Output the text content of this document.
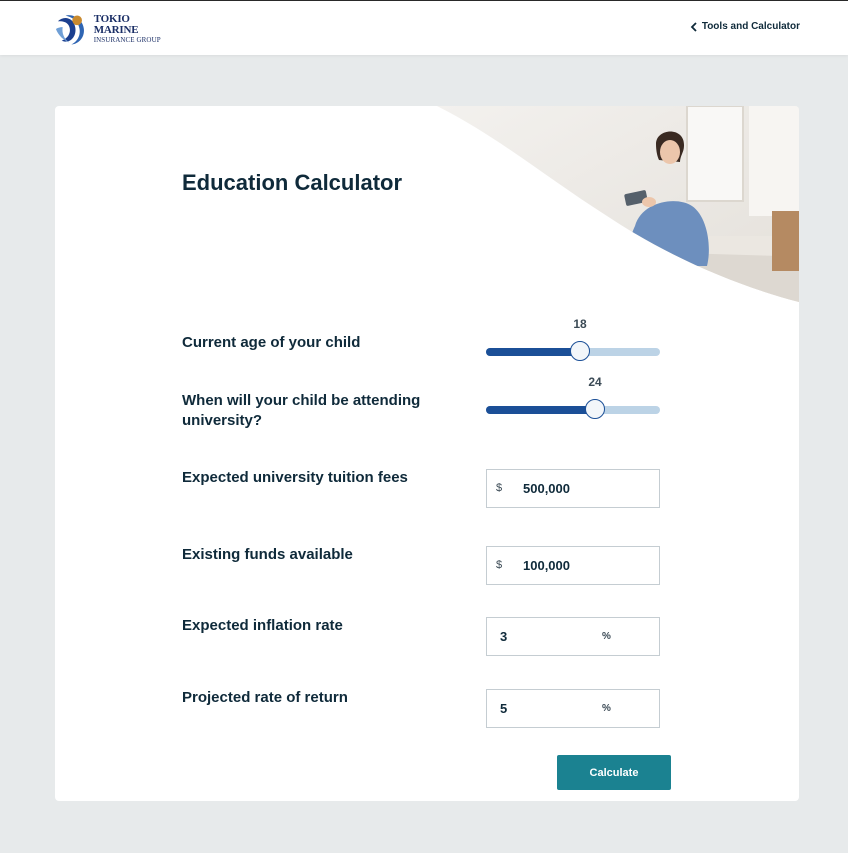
TOKIO MARINE
INSURANCE GROUP
Tools and Calculator
Education Calculator
Current age of your child
18
When will your child be attending university?
24
Expected university tuition fees
$ 500,000
Existing funds available
$ 100,000
Expected inflation rate
3	%
Projected rate of return
5	%
Calculate
